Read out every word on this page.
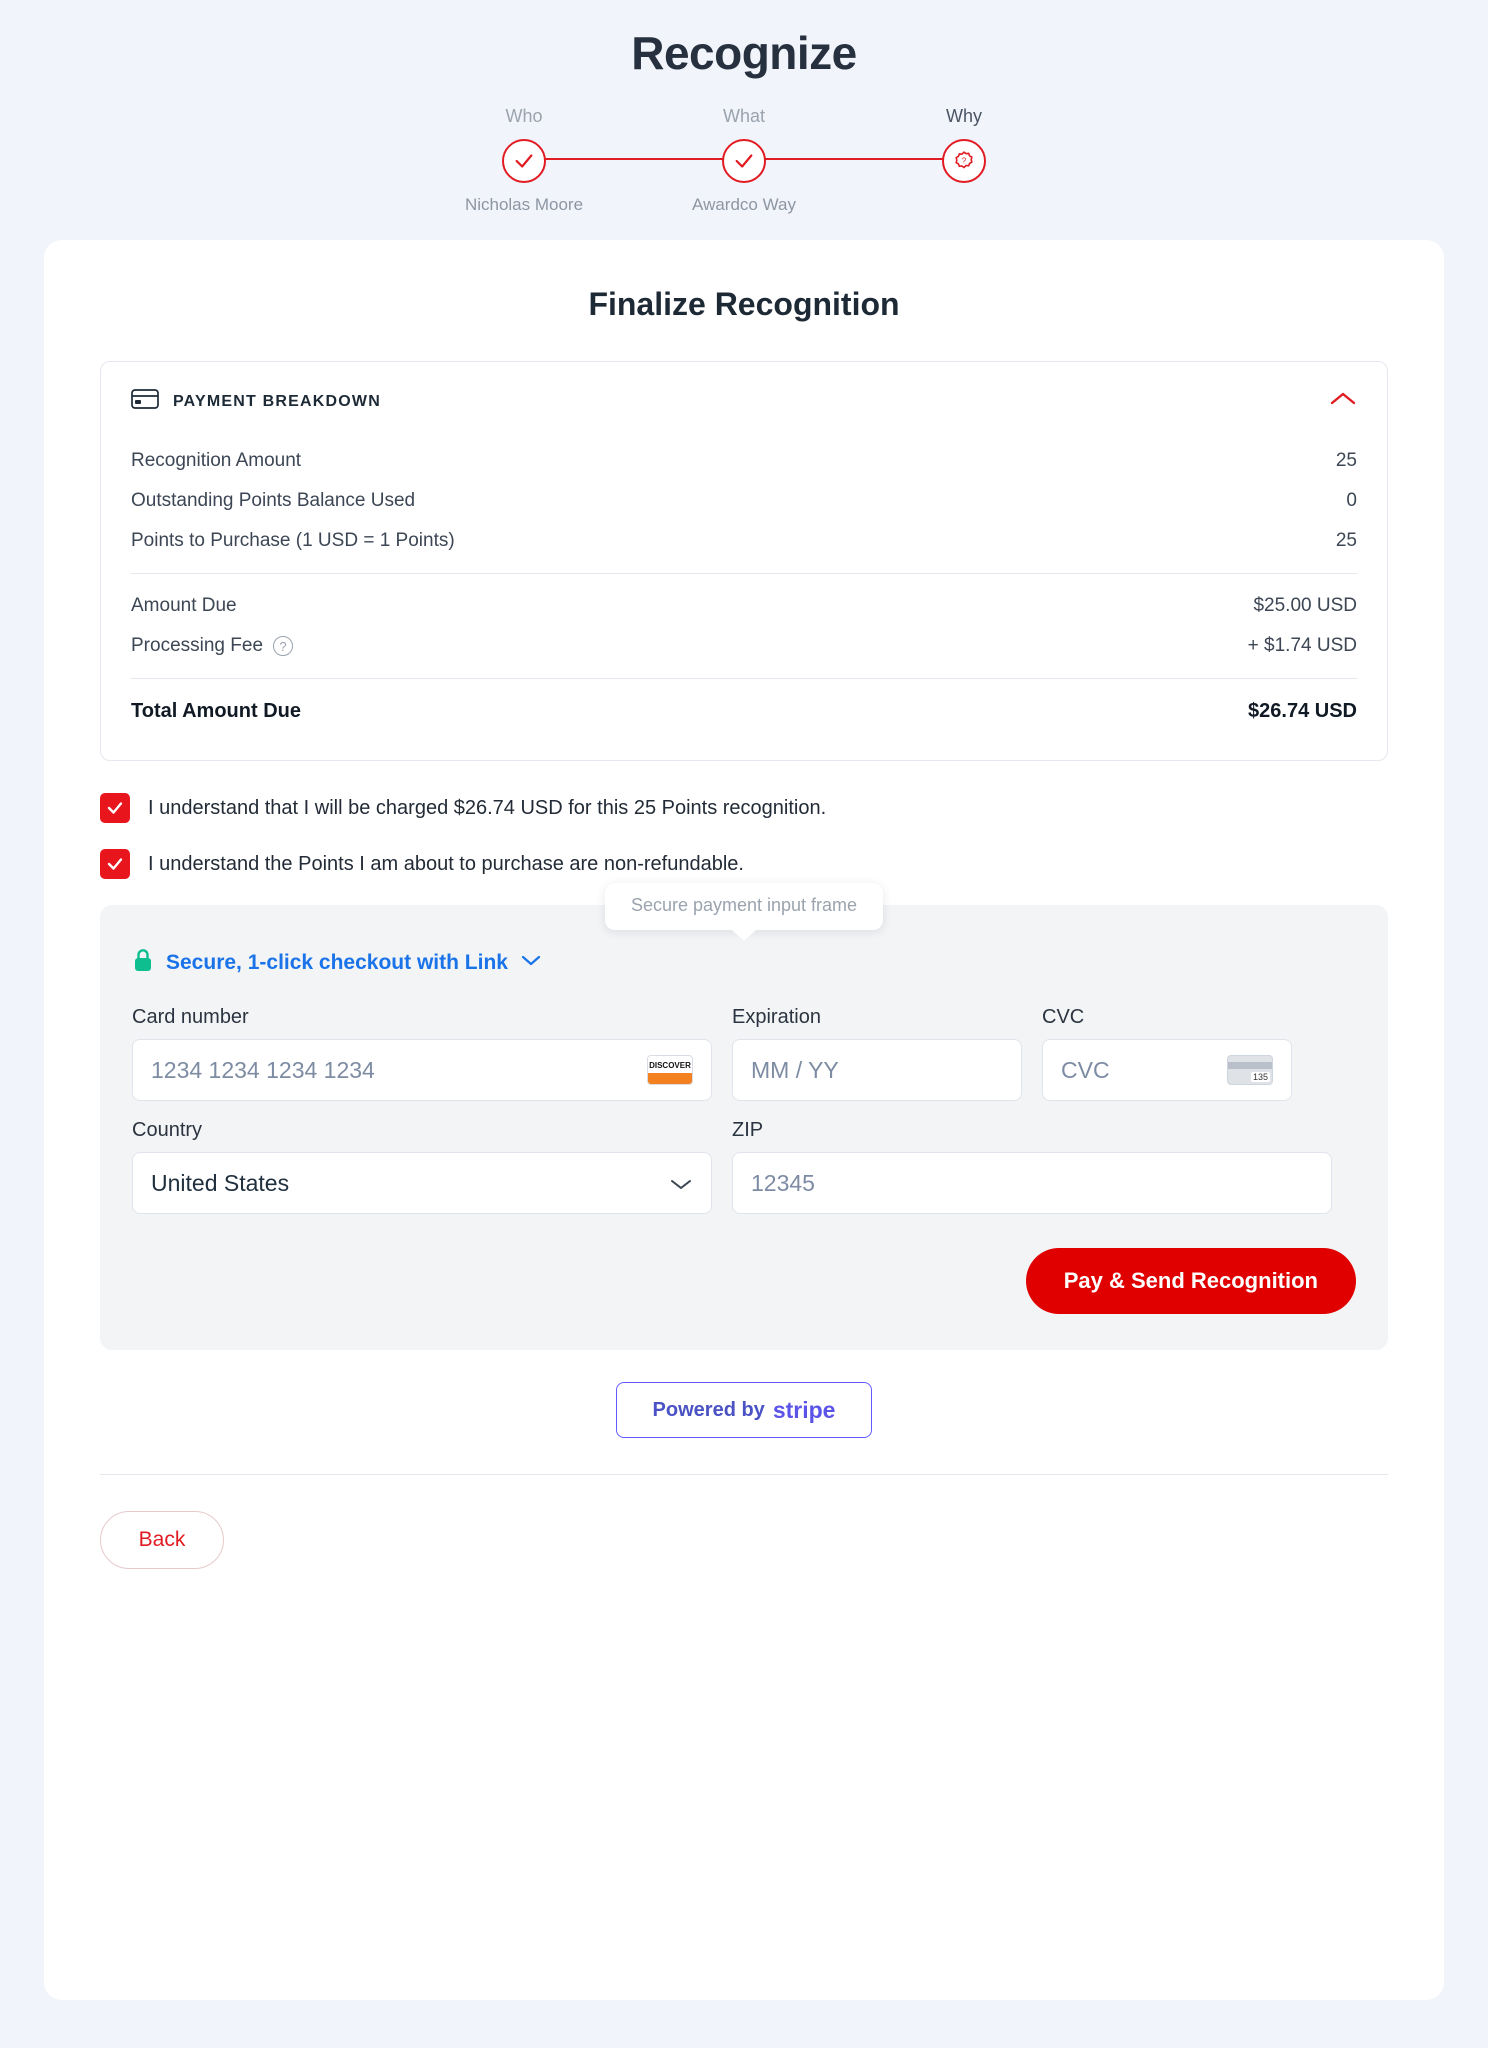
Recognize
Who
Nicholas Moore
What
Awardco Way
Why
?
Finalize Recognition
PAYMENT BREAKDOWN
Recognition Amount	25
Outstanding Points Balance Used	0
Points to Purchase (1 USD = 1 Points)	25
Amount Due	$25.00 USD
Processing Fee	?	+ $1.74 USD
Total Amount Due	$26.74 USD
I understand that I will be charged $26.74 USD for this 25 Points recognition.
I understand the Points I am about to purchase are non-refundable.
Secure payment input frame
Secure, 1-click checkout with Link
Card number
1234 1234 1234 1234	DISCOVER
Expiration
MM / YY
CVC
CVC	135
Country
United States
ZIP
12345
Pay & Send Recognition
Powered by stripe
Back
